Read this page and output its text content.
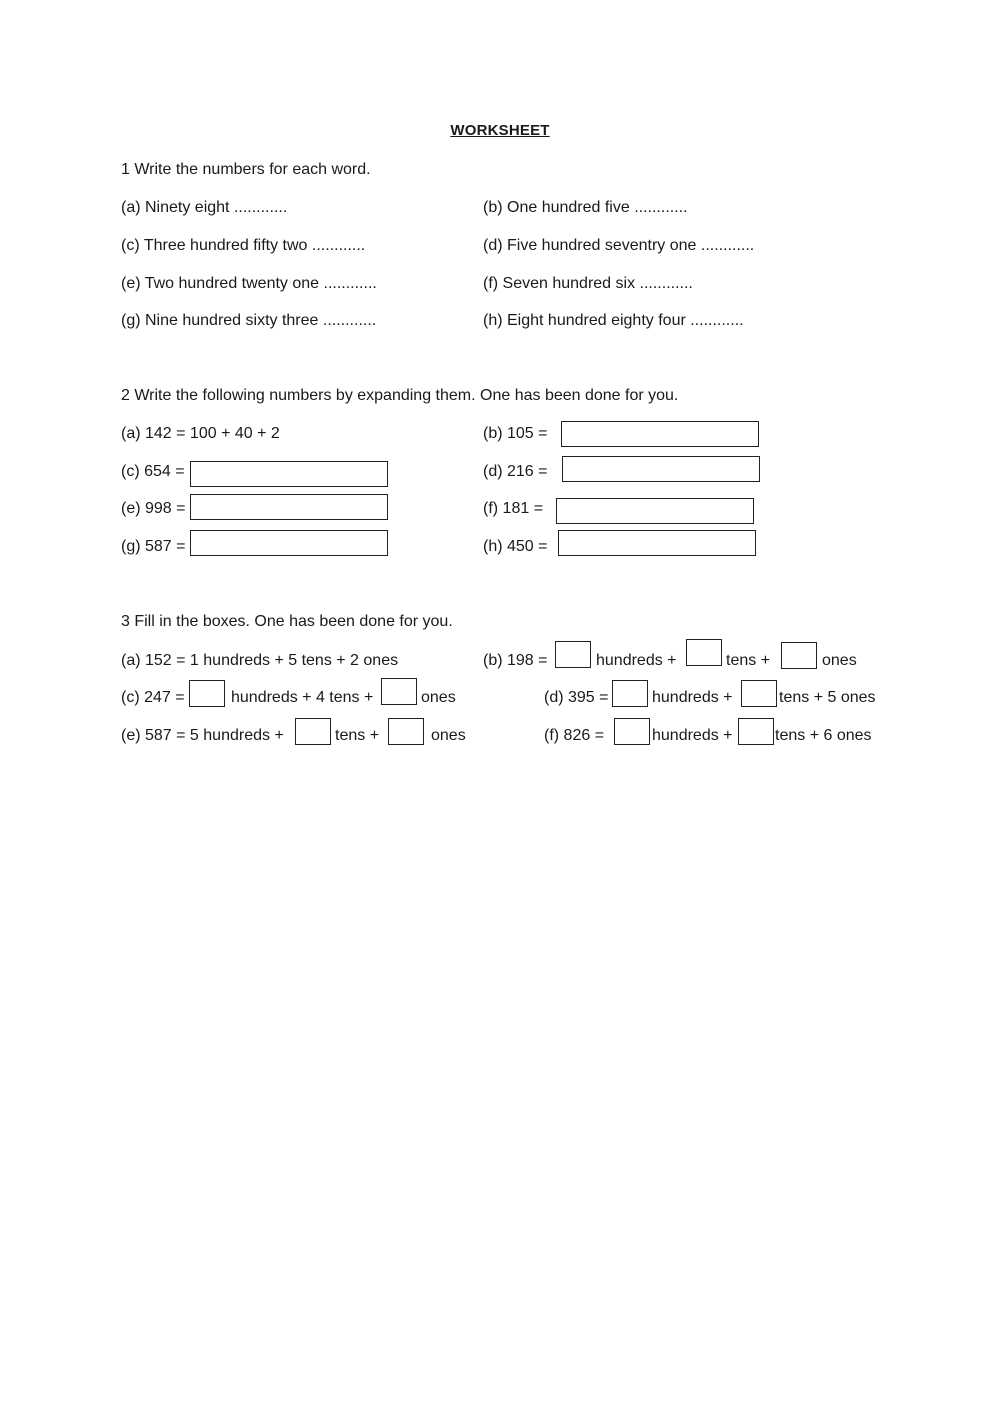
WORKSHEET
1 Write the numbers for each word.
(a) Ninety eight ............	(b) One hundred five ............
(c) Three hundred fifty two ............	(d) Five hundred seventry one ............
(e) Two hundred twenty one ............	(f) Seven hundred six ............
(g) Nine hundred sixty three ............	(h) Eight hundred eighty four ............
2 Write the following numbers by expanding them. One has been done for you.
(a) 142 = 100 + 40 + 2	(b) 105 =
(c) 654 =	(d) 216 =
(e) 998 =	(f) 181 =
(g) 587 =	(h) 450 =
3 Fill in the boxes. One has been done for you.
(a) 152 = 1 hundreds + 5 tens + 2 ones	(b) 198 =	hundreds +	tens +	ones
(c) 247 =	hundreds + 4 tens +	ones	(d) 395 =	hundreds +	tens + 5 ones
(e) 587 = 5 hundreds +	tens +	ones	(f) 826 =	hundreds +	tens + 6 ones
